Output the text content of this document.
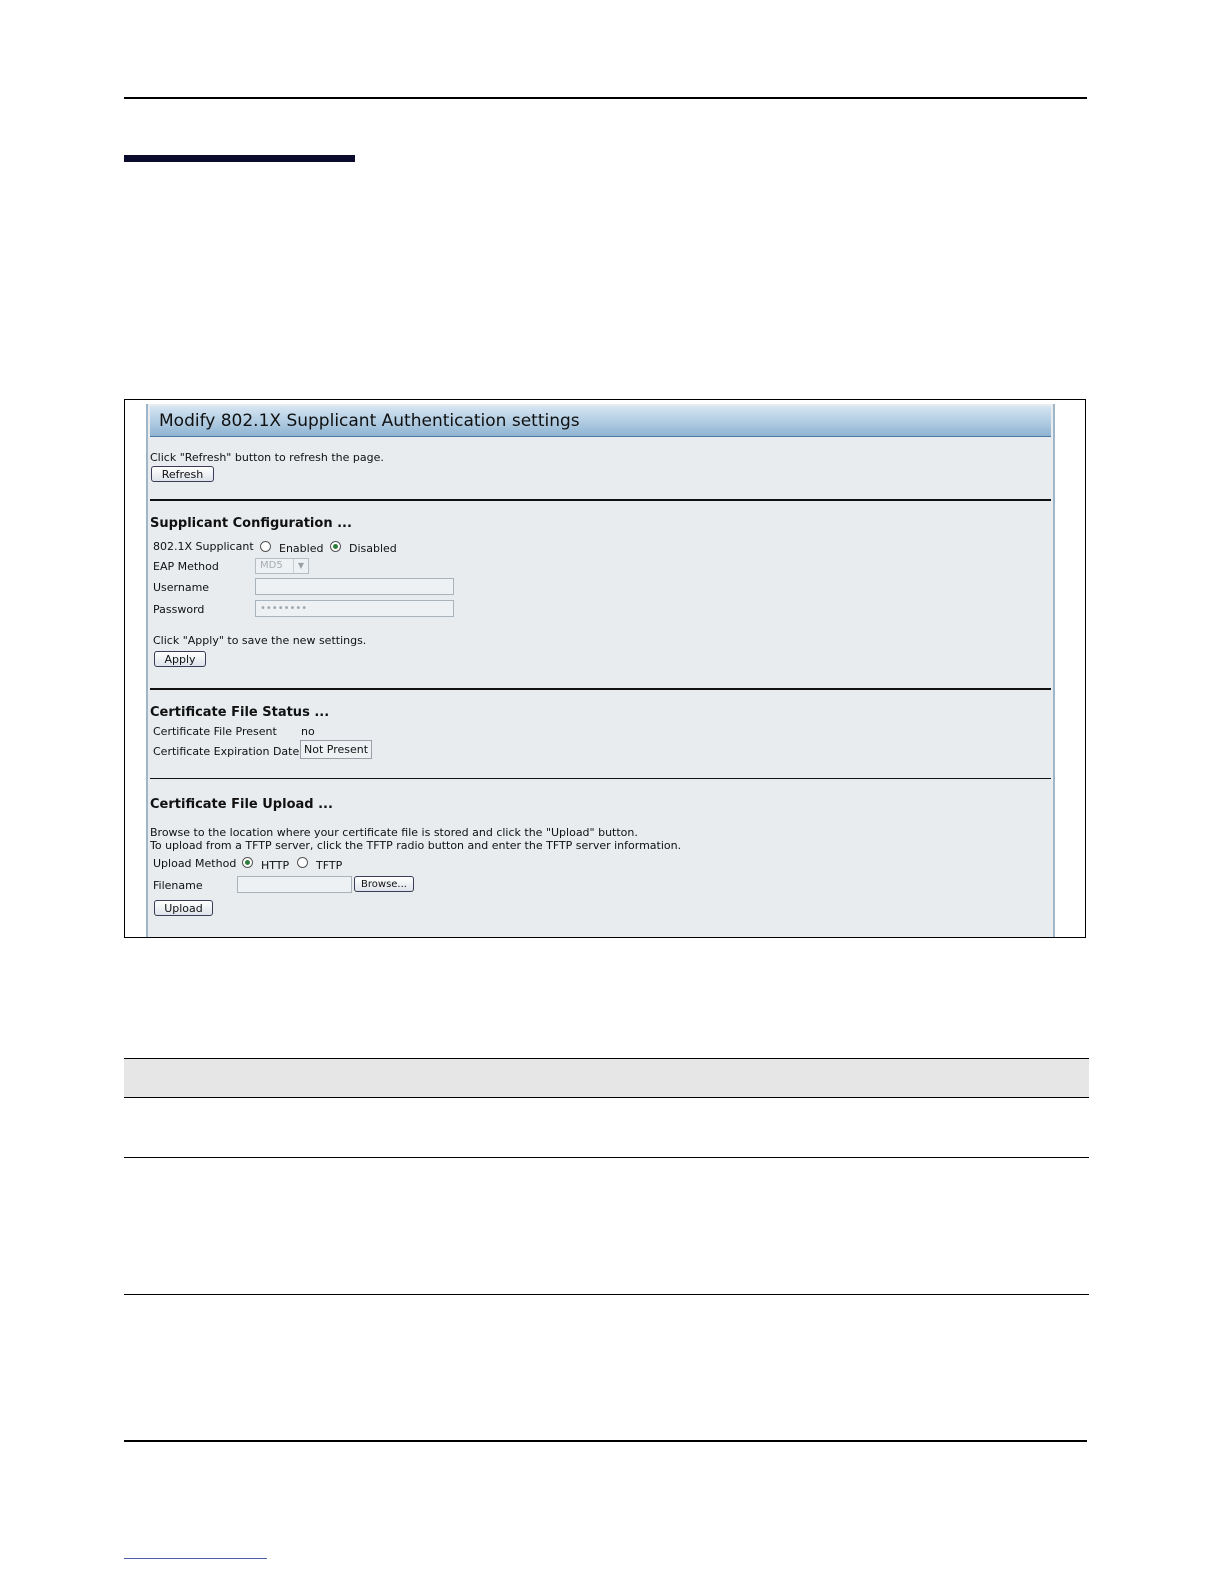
Modify 802.1X Supplicant Authentication settings
Click "Refresh" button to refresh the page.
Refresh
Supplicant Configuration ...
802.1X Supplicant Enabled Disabled
EAP Method	MD5	▼
Username
Password	••••••••
Click "Apply" to save the new settings.
Apply
Certificate File Status ...
Certificate File Present no
Certificate Expiration Date Not Present
Certificate File Upload ...
Browse to the location where your certificate file is stored and click the "Upload" button.
To upload from a TFTP server, click the TFTP radio button and enter the TFTP server information.
Upload Method HTTP TFTP
Filename	Browse...
Upload
